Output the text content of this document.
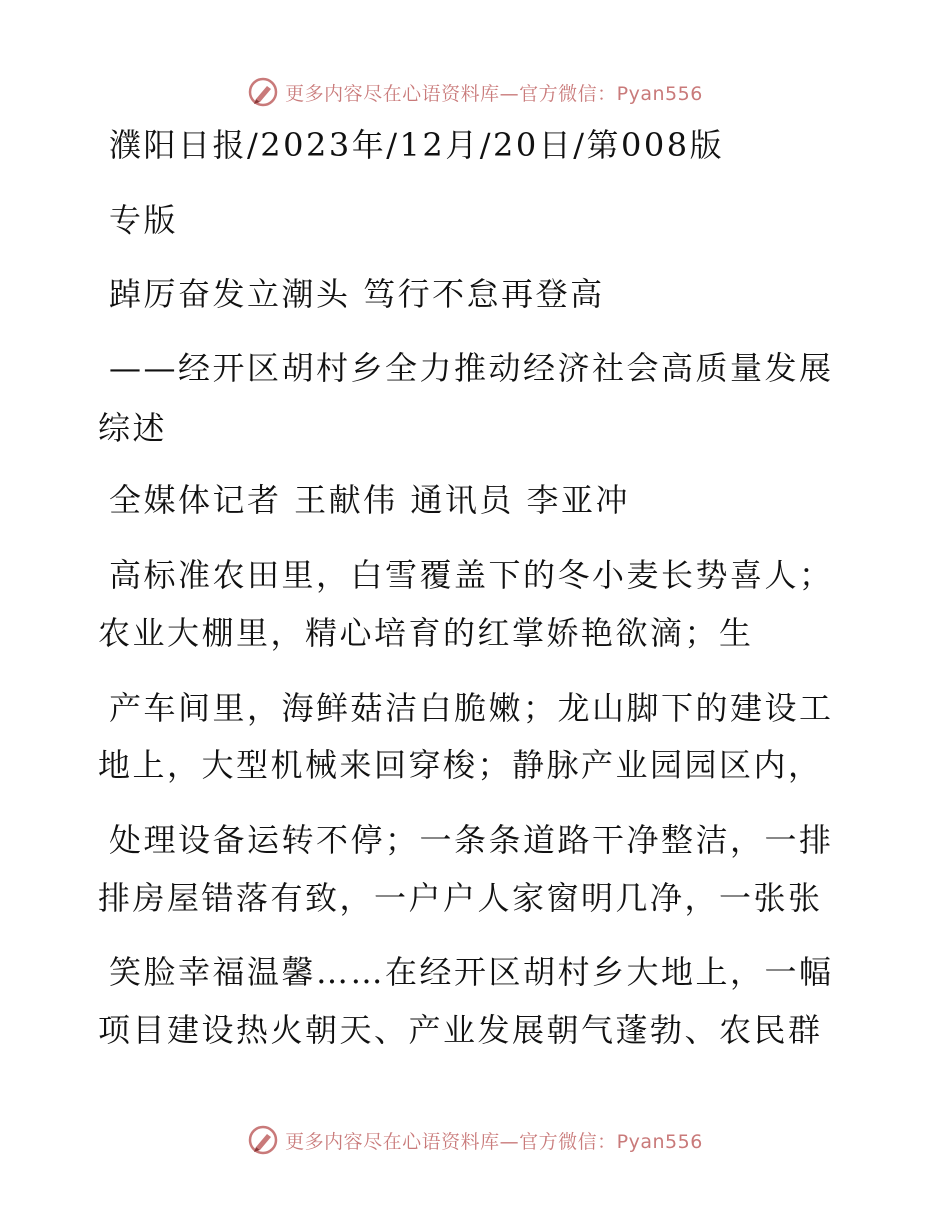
更多内容尽在心语资料库—官方微信：Pyan556
濮阳日报/2023年/12月/20日/第008版
专版
踔厉奋发立潮头 笃行不怠再登高
——经开区胡村乡全力推动经济社会高质量发展
综述
全媒体记者 王献伟 通讯员 李亚冲
高标准农田里，白雪覆盖下的冬小麦长势喜人；
农业大棚里，精心培育的红掌娇艳欲滴；生
产车间里，海鲜菇洁白脆嫩；龙山脚下的建设工
地上，大型机械来回穿梭；静脉产业园园区内，
处理设备运转不停；一条条道路干净整洁，一排
排房屋错落有致，一户户人家窗明几净，一张张
笑脸幸福温馨……在经开区胡村乡大地上，一幅
项目建设热火朝天、产业发展朝气蓬勃、农民群
更多内容尽在心语资料库—官方微信：Pyan556
